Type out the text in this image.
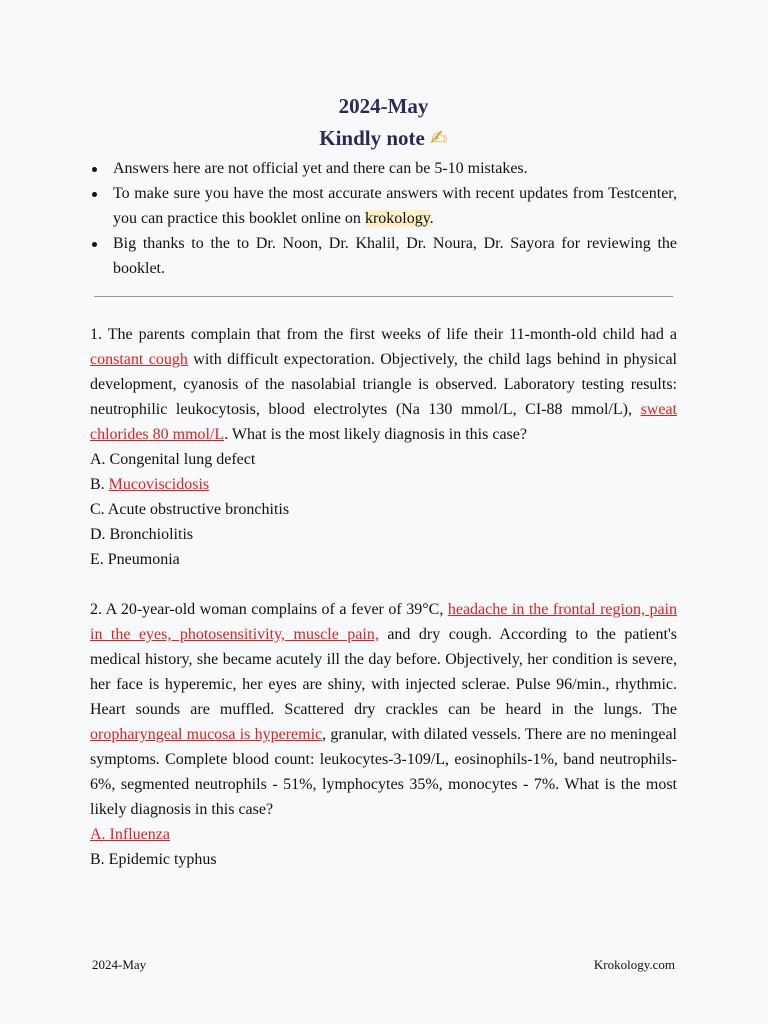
2024-May
Kindly note ✍
Answers here are not official yet and there can be 5-10 mistakes.
To make sure you have the most accurate answers with recent updates from Testcenter, you can practice this booklet online on krokology.
Big thanks to the to Dr. Noon, Dr. Khalil, Dr. Noura, Dr. Sayora for reviewing the booklet.

1. The parents complain that from the first weeks of life their 11-month-old child had a constant cough with difficult expectoration. Objectively, the child lags behind in physical development, cyanosis of the nasolabial triangle is observed. Laboratory testing results: neutrophilic leukocytosis, blood electrolytes (Na 130 mmol/L, CI-88 mmol/L), sweat chlorides 80 mmol/L. What is the most likely diagnosis in this case?

A. Congenital lung defect

B. Mucoviscidosis

C. Acute obstructive bronchitis

D. Bronchiolitis

E. Pneumonia

2. A 20-year-old woman complains of a fever of 39°C, headache in the frontal region, pain in the eyes, photosensitivity, muscle pain, and dry cough. According to the patient's medical history, she became acutely ill the day before. Objectively, her condition is severe, her face is hyperemic, her eyes are shiny, with injected sclerae. Pulse 96/min., rhythmic. Heart sounds are muffled. Scattered dry crackles can be heard in the lungs. The oropharyngeal mucosa is hyperemic, granular, with dilated vessels. There are no meningeal symptoms. Complete blood count: leukocytes-3-109/L, eosinophils-1%, band neutrophils-6%, segmented neutrophils - 51%, lymphocytes 35%, monocytes - 7%. What is the most likely diagnosis in this case?

A. Influenza

B. Epidemic typhus

2024-May	Krokology.com
